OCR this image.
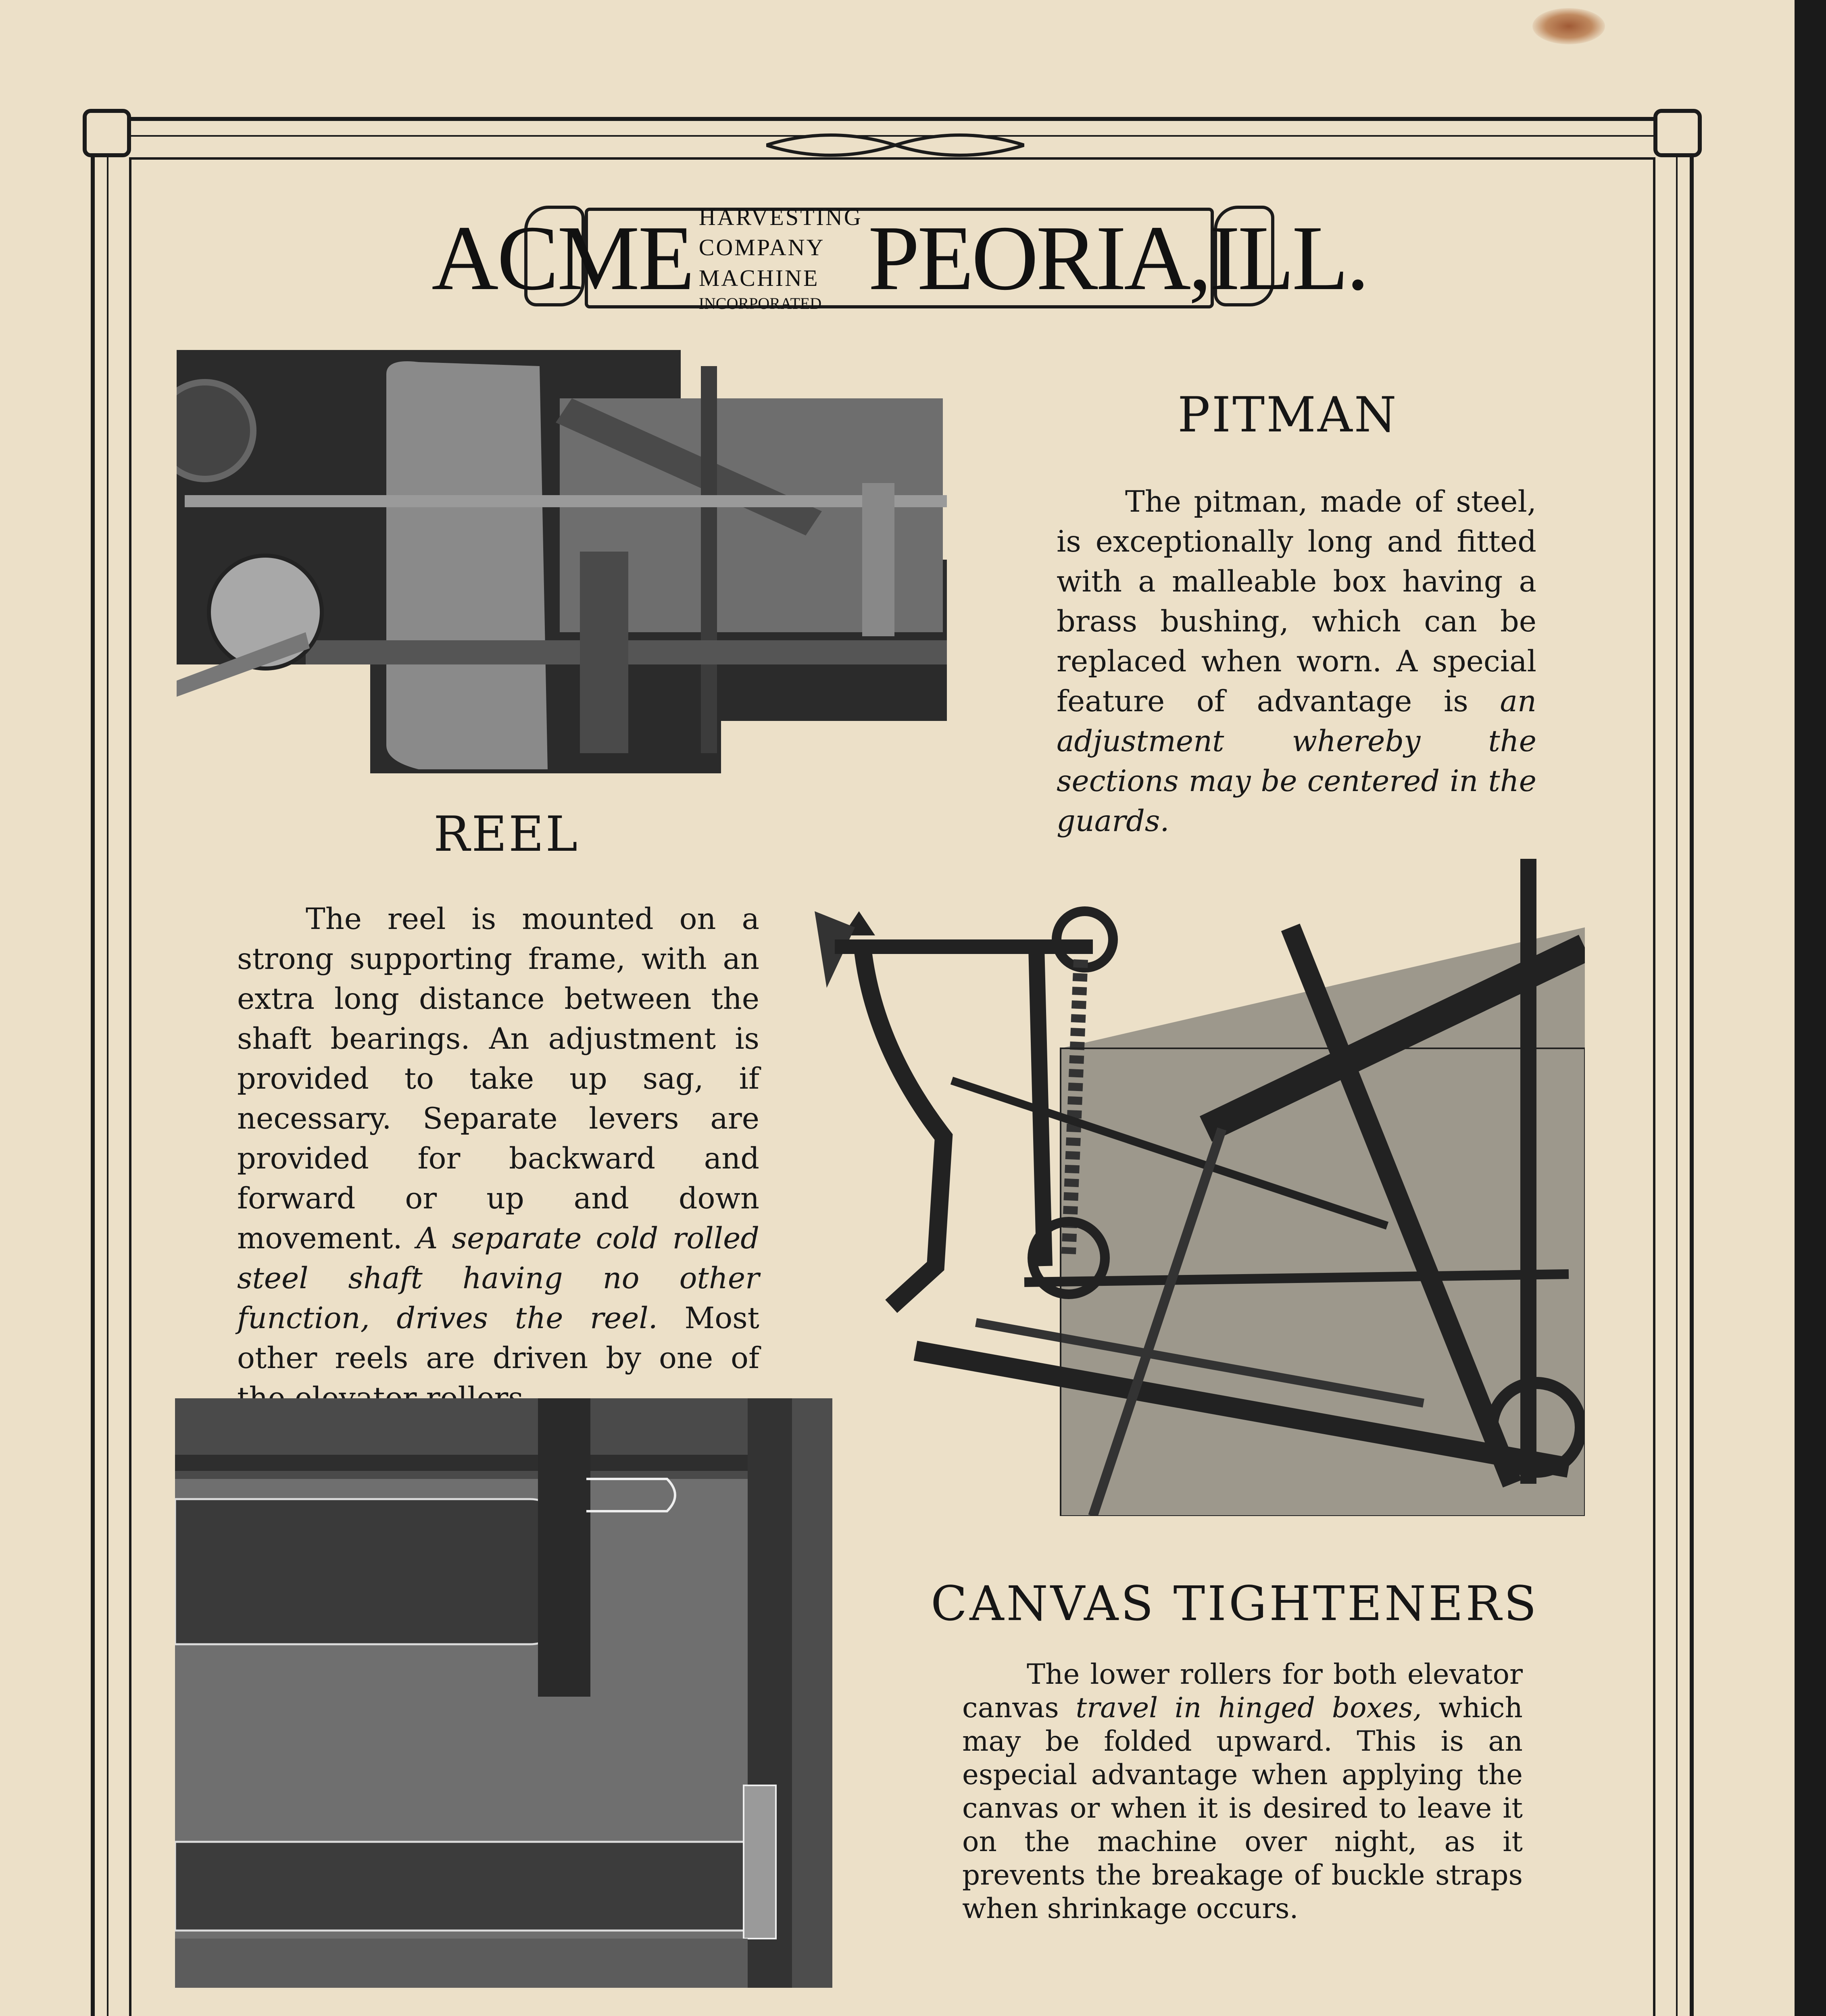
ACME HARVESTING COMPANY
MACHINE INCORPORATED PEORIA,ILL.
PITMAN

The pitman, made of steel, is exceptionally long and fitted with a malleable box having a brass bushing, which can be replaced when worn. A special feature of advantage is an adjustment whereby the sections may be centered in the guards.

REEL

The reel is mounted on a strong supporting frame, with an extra long distance between the shaft bearings. An adjustment is provided to take up sag, if necessary. Separate levers are provided for backward and forward or up and down movement. A separate cold rolled steel shaft having no other function, drives the reel. Most other reels are driven by one of

CANVAS TIGHTENERS

The lower rollers for both elevator canvas travel in hinged boxes, which may be folded upward. This is an especial advantage when applying the canvas or when it is desired to leave it on the machine over night, as it prevents the breakage of buckle straps when shrinkage occurs.
